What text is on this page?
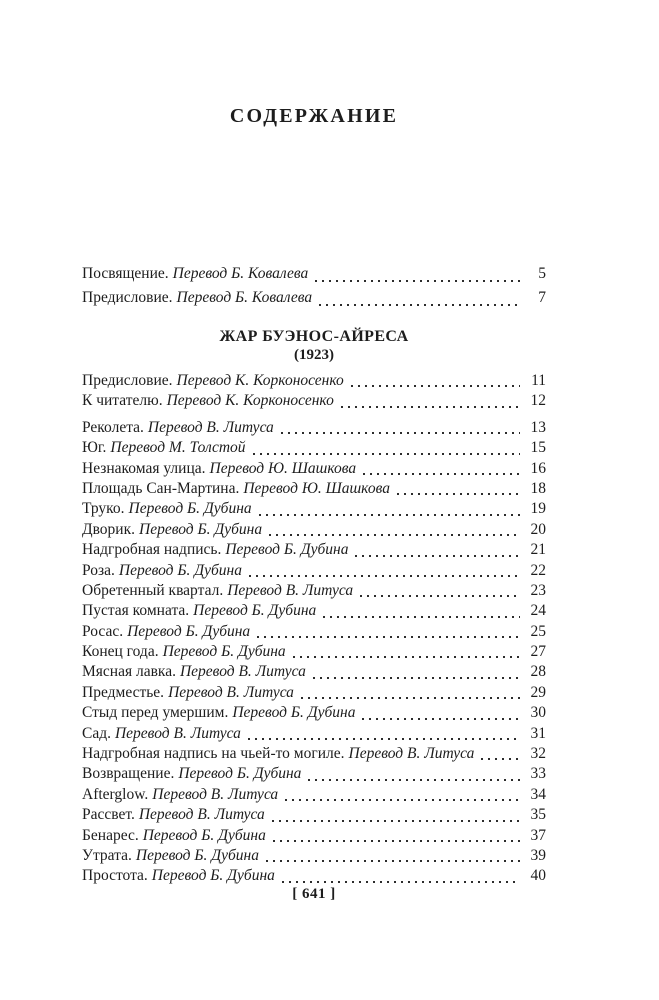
СОДЕРЖАНИЕ
Посвящение. Перевод Б. Ковалева	5
Предисловие. Перевод Б. Ковалева	7
ЖАР БУЭНОС-АЙРЕСА
(1923)
Предисловие. Перевод К. Корконосенко	11
К читателю. Перевод К. Корконосенко	12
Реколета. Перевод В. Литуса	13
Юг. Перевод М. Толстой	15
Незнакомая улица. Перевод Ю. Шашкова	16
Площадь Сан-Мартина. Перевод Ю. Шашкова	18
Труко. Перевод Б. Дубина	19
Дворик. Перевод Б. Дубина	20
Надгробная надпись. Перевод Б. Дубина	21
Роза. Перевод Б. Дубина	22
Обретенный квартал. Перевод В. Литуса	23
Пустая комната. Перевод Б. Дубина	24
Росас. Перевод Б. Дубина	25
Конец года. Перевод Б. Дубина	27
Мясная лавка. Перевод В. Литуса	28
Предместье. Перевод В. Литуса	29
Стыд перед умершим. Перевод Б. Дубина	30
Сад. Перевод В. Литуса	31
Надгробная надпись на чьей-то могиле. Перевод В. Литуса	32
Возвращение. Перевод Б. Дубина	33
Afterglow. Перевод В. Литуса	34
Рассвет. Перевод В. Литуса	35
Бенарес. Перевод Б. Дубина	37
Утрата. Перевод Б. Дубина	39
Простота. Перевод Б. Дубина	40
[ 641 ]
